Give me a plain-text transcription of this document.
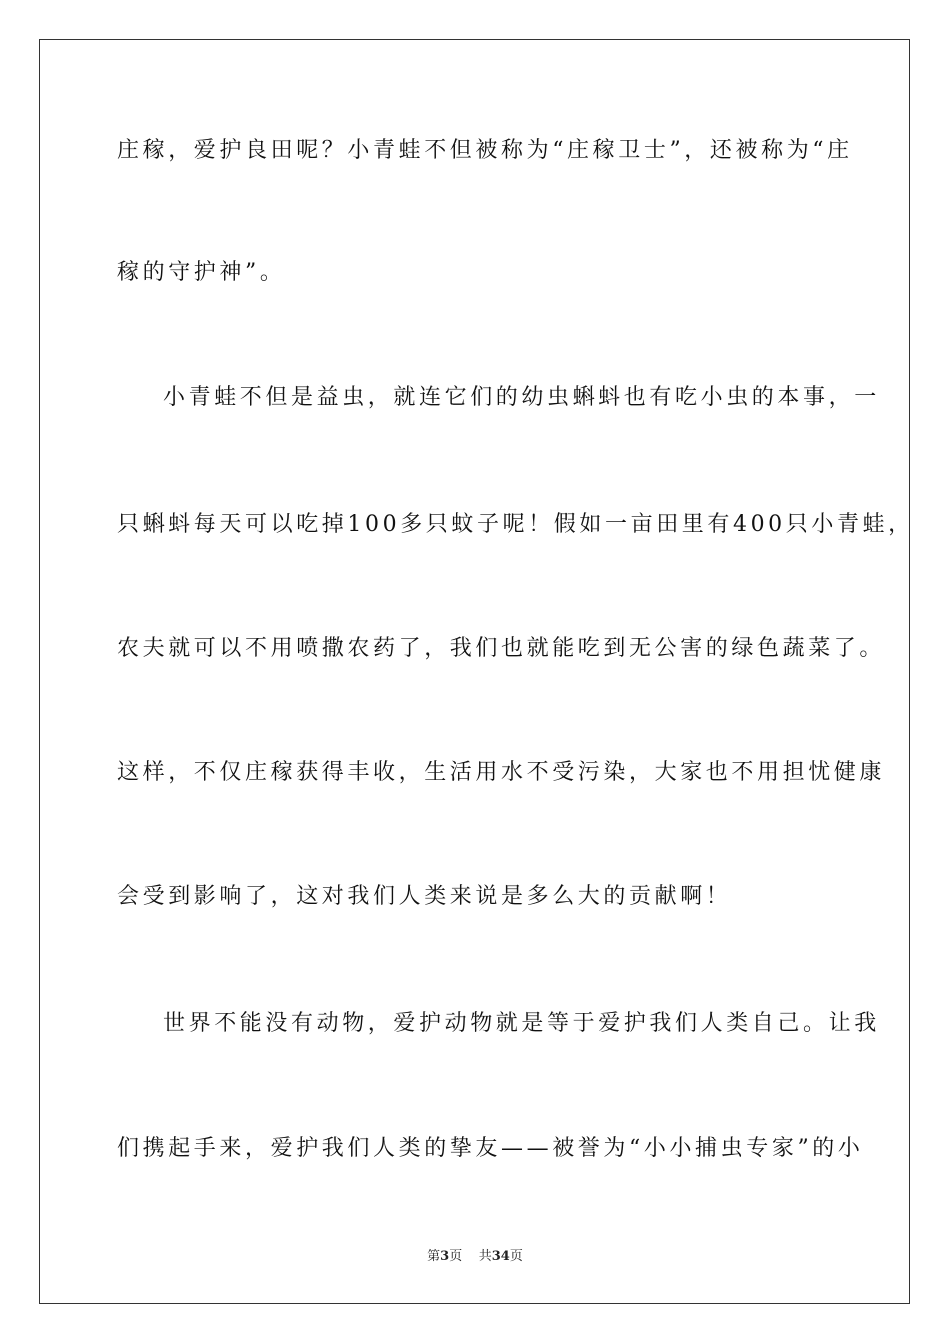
庄稼，爱护良田呢？小青蛙不但被称为“庄稼卫士”，还被称为“庄
稼的守护神”。
小青蛙不但是益虫，就连它们的幼虫蝌蚪也有吃小虫的本事，一
只蝌蚪每天可以吃掉100多只蚊子呢！假如一亩田里有400只小青蛙，
农夫就可以不用喷撒农药了，我们也就能吃到无公害的绿色蔬菜了。
这样，不仅庄稼获得丰收，生活用水不受污染，大家也不用担忧健康
会受到影响了，这对我们人类来说是多么大的贡献啊！
世界不能没有动物，爱护动物就是等于爱护我们人类自己。让我
们携起手来，爱护我们人类的挚友——被誉为“小小捕虫专家”的小
第3页 共34页
